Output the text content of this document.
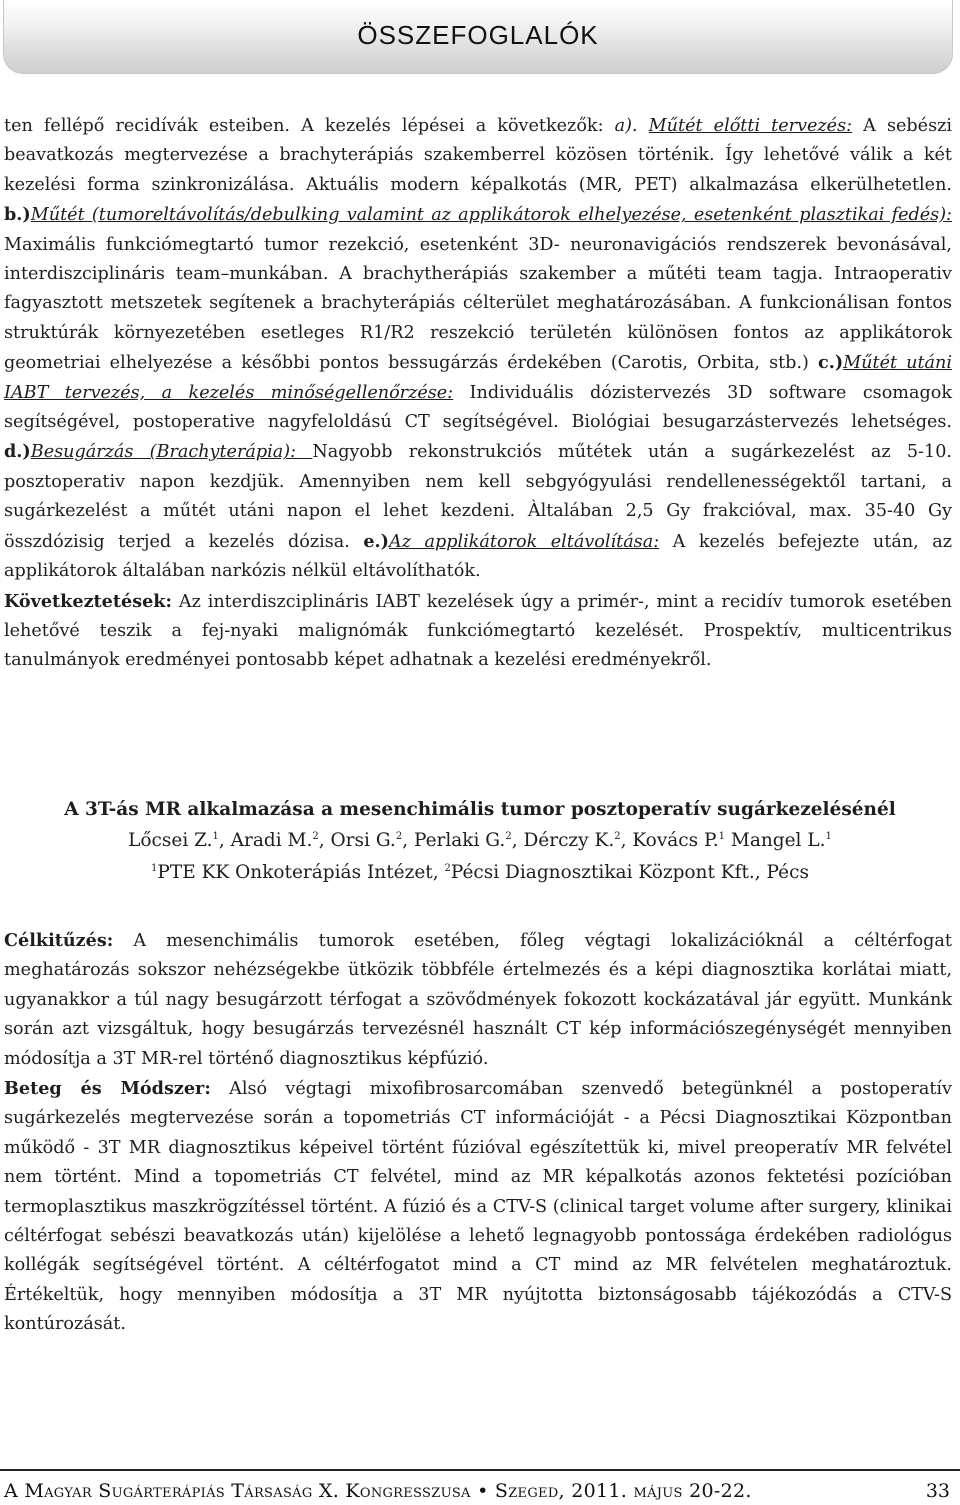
ÖSSZEFOGLALÓK

ten fellépő recidívák esteiben. A kezelés lépései a következők: a). Műtét előtti tervezés: A sebészi beavatkozás megtervezése a brachyterápiás szakemberrel közösen történik. Így lehetővé válik a két kezelési forma szinkronizálása. Aktuális modern képalkotás (MR, PET) alkalmazása elkerülhetetlen. b.)Műtét (tumoreltávolítás/debulking valamint az applikátorok elhelyezése, esetenként plasztikai fedés): Maximális funkciómegtartó tumor rezekció, esetenként 3D- neuronavigációs rendszerek bevonásával, interdiszciplináris team–munkában. A brachytherápiás szakember a műtéti team tagja. Intraoperativ fagyasztott metszetek segítenek a brachyterápiás célterület meghatározásában. A funkcionálisan fontos struktúrák környezetében esetleges R1/R2 reszekció területén különösen fontos az applikátorok geometriai elhelyezése a későbbi pontos bessugárzás érdekében (Carotis, Orbita, stb.) c.)Műtét utáni IABT tervezés, a kezelés minőségellenőrzése: Individuális dózistervezés 3D software csomagok segítségével, postoperative nagyfeloldású CT segítségével. Biológiai besugarzástervezés lehetséges. d.)Besugárzás (Brachyterápia): Nagyobb rekonstrukciós műtétek után a sugárkezelést az 5-10. posztoperativ napon kezdjük. Amennyiben nem kell sebgyógyulási rendellenességektől tartani, a sugárkezelést a műtét utáni napon el lehet kezdeni. Àltalában 2,5 Gy frakcióval, max. 35-40 Gy összdózisig terjed a kezelés dózisa. e.)Az applikátorok eltávolítása: A kezelés befejezte után, az applikátorok általában narkózis nélkül eltávolíthatók.
Következtetések: Az interdiszciplináris IABT kezelések úgy a primér-, mint a recidív tumorok esetében lehetővé teszik a fej-nyaki malignómák funkciómegtartó kezelését. Prospektív, multicentrikus tanulmányok eredményei pontosabb képet adhatnak a kezelési eredményekről.

A 3T-ás MR alkalmazása a mesenchimális tumor posztoperatív sugárkezelésénél
Lőcsei Z.$^1$, Aradi M.$^2$, Orsi G.$^2$, Perlaki G.$^2$, Dérczy K.$^2$, Kovács P.$^1$ Mangel L.$^1$
$^1$PTE KK Onkoterápiás Intézet, $^2$Pécsi Diagnosztikai Központ Kft., Pécs

Célkitűzés: A mesenchimális tumorok esetében, főleg végtagi lokalizációknál a céltérfogat meghatározás sokszor nehézségekbe ütközik többféle értelmezés és a képi diagnosztika korlátai miatt, ugyanakkor a túl nagy besugárzott térfogat a szövődmények fokozott kockázatával jár együtt. Munkánk során azt vizsgáltuk, hogy besugárzás tervezésnél használt CT kép információszegénységét mennyiben módosítja a 3T MR-rel történő diagnosztikus képfúzió.
Beteg és Módszer: Alsó végtagi mixofibrosarcomában szenvedő betegünknél a postoperatív sugárkezelés megtervezése során a topometriás CT információját - a Pécsi Diagnosztikai Központban működő - 3T MR diagnosztikus képeivel történt fúzióval egészítettük ki, mivel preoperatív MR felvétel nem történt. Mind a topometriás CT felvétel, mind az MR képalkotás azonos fektetési pozícióban termoplasztikus maszkrögzítéssel történt. A fúzió és a CTV-S (clinical target volume after surgery, klinikai céltérfogat sebészi beavatkozás után) kijelölése a lehető legnagyobb pontossága érdekében radiológus kollégák segítségével történt. A céltérfogatot mind a CT mind az MR felvételen meghatároztuk. Értékeltük, hogy mennyiben módosítja a 3T MR nyújtotta biztonságosabb tájékozódás a CTV-S kontúrozását.

A Magyar Sugárterápiás Társaság X. Kongresszusa • Szeged, 2011. május 20-22.	33
